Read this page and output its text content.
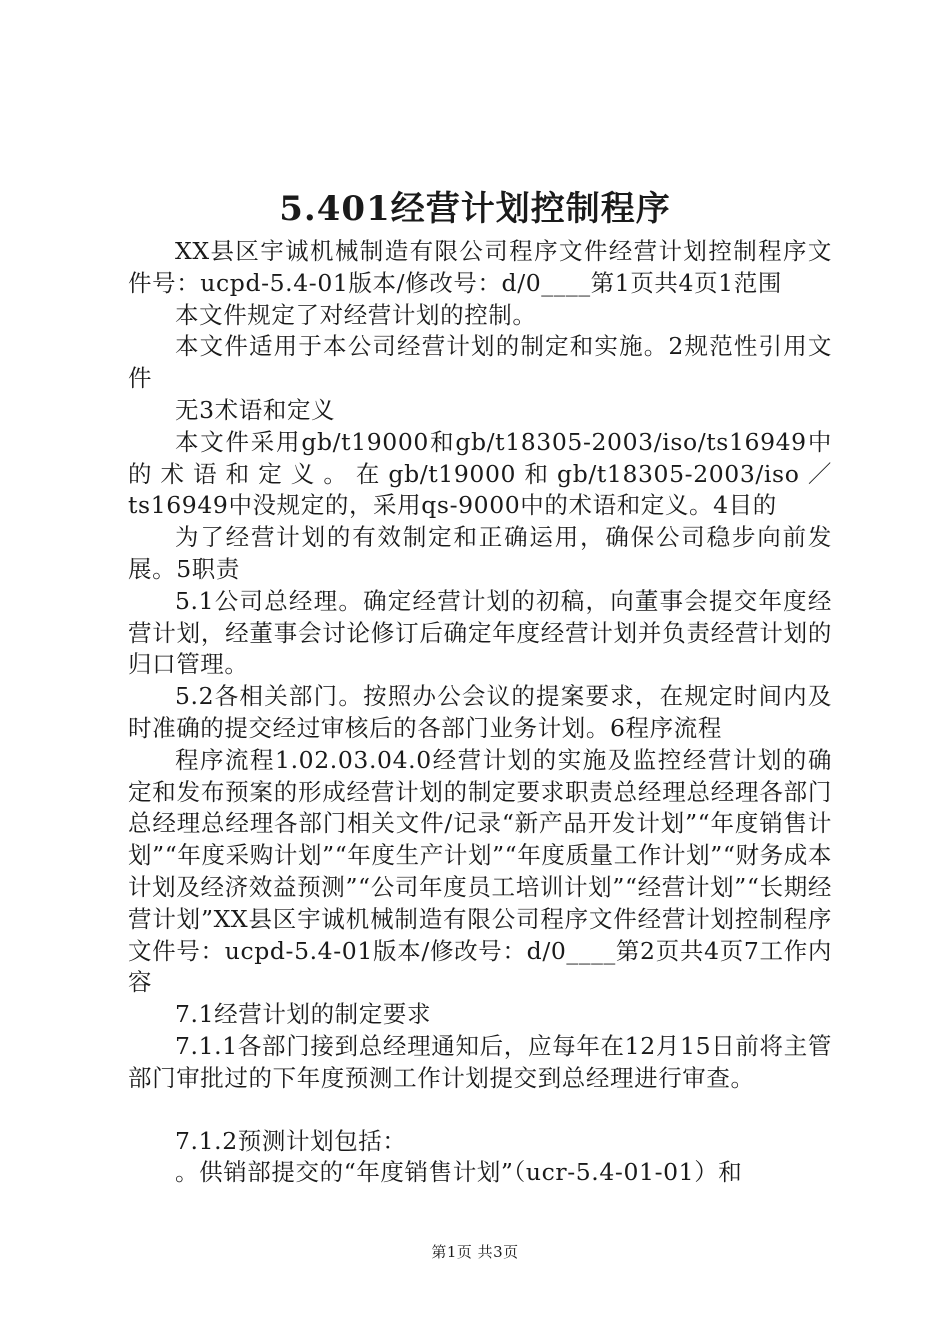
5.401经营计划控制程序

XX县区宇诚机械制造有限公司程序文件经营计划控制程序文件号：ucpd-5.4-01版本/修改号：d/0____第1页共4页1范围

本文件规定了对经营计划的控制。

本文件适用于本公司经营计划的制定和实施。2规范性引用文件

无3术语和定义

本文件采用gb/t19000和gb/t18305-2003/iso/ts16949中的术语和定义。在gb/t19000和gb/t18305-2003/iso／ts16949中没规定的，采用qs-9000中的术语和定义。4目的

为了经营计划的有效制定和正确运用，确保公司稳步向前发展。5职责

5.1公司总经理。确定经营计划的初稿，向董事会提交年度经营计划，经董事会讨论修订后确定年度经营计划并负责经营计划的归口管理。

5.2各相关部门。按照办公会议的提案要求，在规定时间内及时准确的提交经过审核后的各部门业务计划。6程序流程

程序流程1.02.03.04.0经营计划的实施及监控经营计划的确定和发布预案的形成经营计划的制定要求职责总经理总经理各部门总经理总经理各部门相关文件/记录“新产品开发计划”“年度销售计划”“年度采购计划”“年度生产计划”“年度质量工作计划”“财务成本计划及经济效益预测”“公司年度员工培训计划”“经营计划”“长期经营计划”XX县区宇诚机械制造有限公司程序文件经营计划控制程序文件号：ucpd-5.4-01版本/修改号：d/0____第2页共4页7工作内容

7.1经营计划的制定要求

7.1.1各部门接到总经理通知后，应每年在12月15日前将主管部门审批过的下年度预测工作计划提交到总经理进行审查。

7.1.2预测计划包括：

。供销部提交的“年度销售计划”（ucr-5.4-01-01）和

第1页 共3页
